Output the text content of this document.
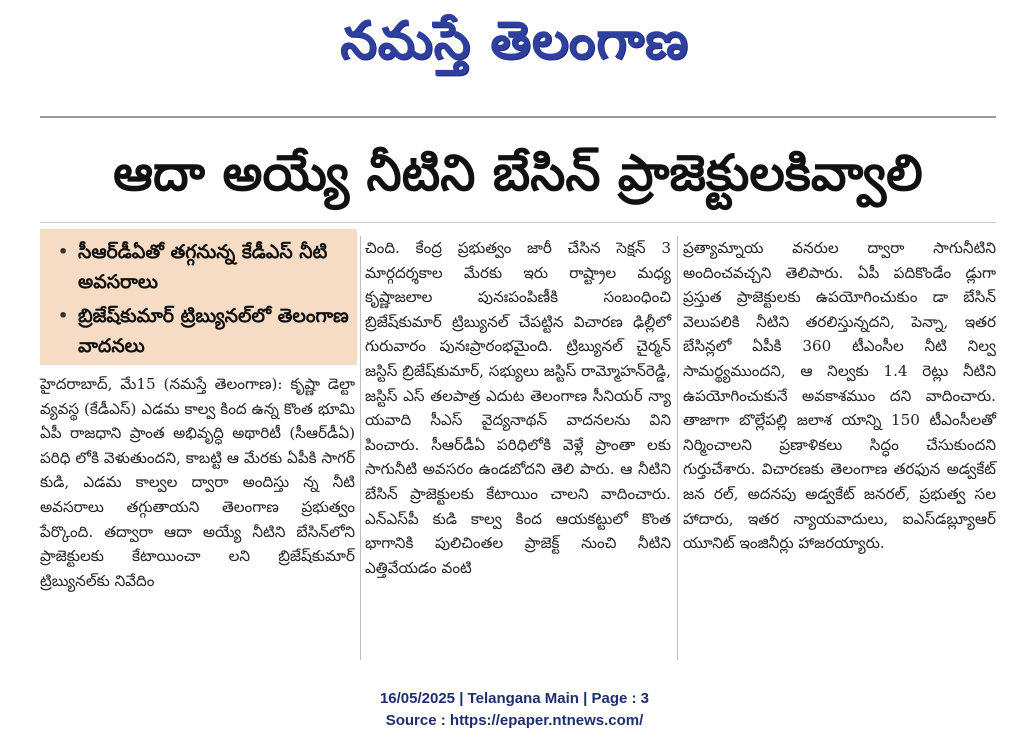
నమస్తే తెలంగాణ
ఆదా అయ్యే నీటిని బేసిన్ ప్రాజెక్టులకివ్వాలి
• సీఆర్‌డీఏతో తగ్గనున్న కేడీఎస్ నీటి అవసరాలు
• బ్రిజేష్‌కుమార్ ట్రిబ్యునల్‌లో తెలంగాణ వాదనలు

హైదరాబాద్, మే15 (నమస్తే తెలంగాణ): కృష్ణా డెల్టా వ్యవస్థ (కేడీఎస్) ఎడమ కాల్వ కింద ఉన్న కొంత భూమి ఏపీ రాజధాని ప్రాంత అభివృద్ధి అథారిటీ (సీఆర్‌డీఏ) పరిధి లోకి వెళుతుందని, కాబట్టి ఆ మేరకు ఏపీకి సాగర్ కుడి, ఎడమ కాల్వల ద్వారా అందిస్తు న్న నీటి అవసరాలు తగ్గుతాయని తెలంగాణ ప్రభుత్వం పేర్కొంది. తద్వారా ఆదా అయ్యే నీటిని బేసిన్‌లోని ప్రాజెక్టులకు కేటాయించా లని బ్రిజేష్‌కుమార్ ట్రిబ్యునల్‌కు నివేదిం

చింది. కేంద్ర ప్రభుత్వం జారీ చేసిన సెక్షన్ 3 మార్గదర్శకాల మేరకు ఇరు రాష్ట్రాల మధ్య కృష్ణాజలాల పునఃపంపిణీకి సంబంధించి బ్రిజేష్‌కుమార్ ట్రిబ్యునల్ చేపట్టిన విచారణ ఢిల్లీలో గురువారం పునఃప్రారంభమైంది. ట్రిబ్యునల్ చైర్మన్ జస్టిస్ బ్రిజేష్‌కుమార్, సభ్యులు జస్టిస్ రామ్మోహన్‌రెడ్డి, జస్టిస్ ఎస్ తలపాత్ర ఎదుట తెలంగాణ సీనియర్ న్యా యవాది సీఎస్ వైద్యనాథన్ వాదనలను విని పించారు. సీఆర్‌డీఏ పరిధిలోకి వెళ్లే ప్రాంతా లకు సాగునీటి అవసరం ఉండబోదని తెలి పారు. ఆ నీటిని బేసిన్ ప్రాజెక్టులకు కేటాయిం చాలని వాదించారు. ఎన్‌ఎస్‌పీ కుడి కాల్వ కింద ఆయకట్టులో కొంత భాగానికి పులిచింతల ప్రాజెక్ట్ నుంచి నీటిని ఎత్తివేయడం వంటి

ప్రత్యామ్నాయ వనరుల ద్వారా సాగునీటిని అందించవచ్చని తెలిపారు. ఏపీ పదికొండేం డ్లుగా ప్రస్తుత ప్రాజెక్టులకు ఉపయోగించుకుం డా బేసిన్ వెలుపలికి నీటిని తరలిస్తున్నదని, పెన్నా, ఇతర బేసిన్లలో ఏపీకి 360 టీఎంసీల నీటి నిల్వ సామర్థ్యముందని, ఆ నిల్వకు 1.4 రెట్లు నీటిని ఉపయోగించుకునే అవకాశముం దని వాదించారు. తాజాగా బొల్లేపల్లి జలాశ యాన్ని 150 టీఎంసీలతో నిర్మించాలని ప్రణాళికలు సిద్ధం చేసుకుందని గుర్తుచేశారు. విచారణకు తెలంగాణ తరఫున అడ్వకేట్ జన రల్, అదనపు అడ్వకేట్ జనరల్, ప్రభుత్వ సల హాదారు, ఇతర న్యాయవాదులు, ఐఎస్‌డబ్ల్యూఆర్ యూనిట్ ఇంజినీర్లు హాజరయ్యారు.

16/05/2025 | Telangana Main | Page : 3
Source : https://epaper.ntnews.com/
